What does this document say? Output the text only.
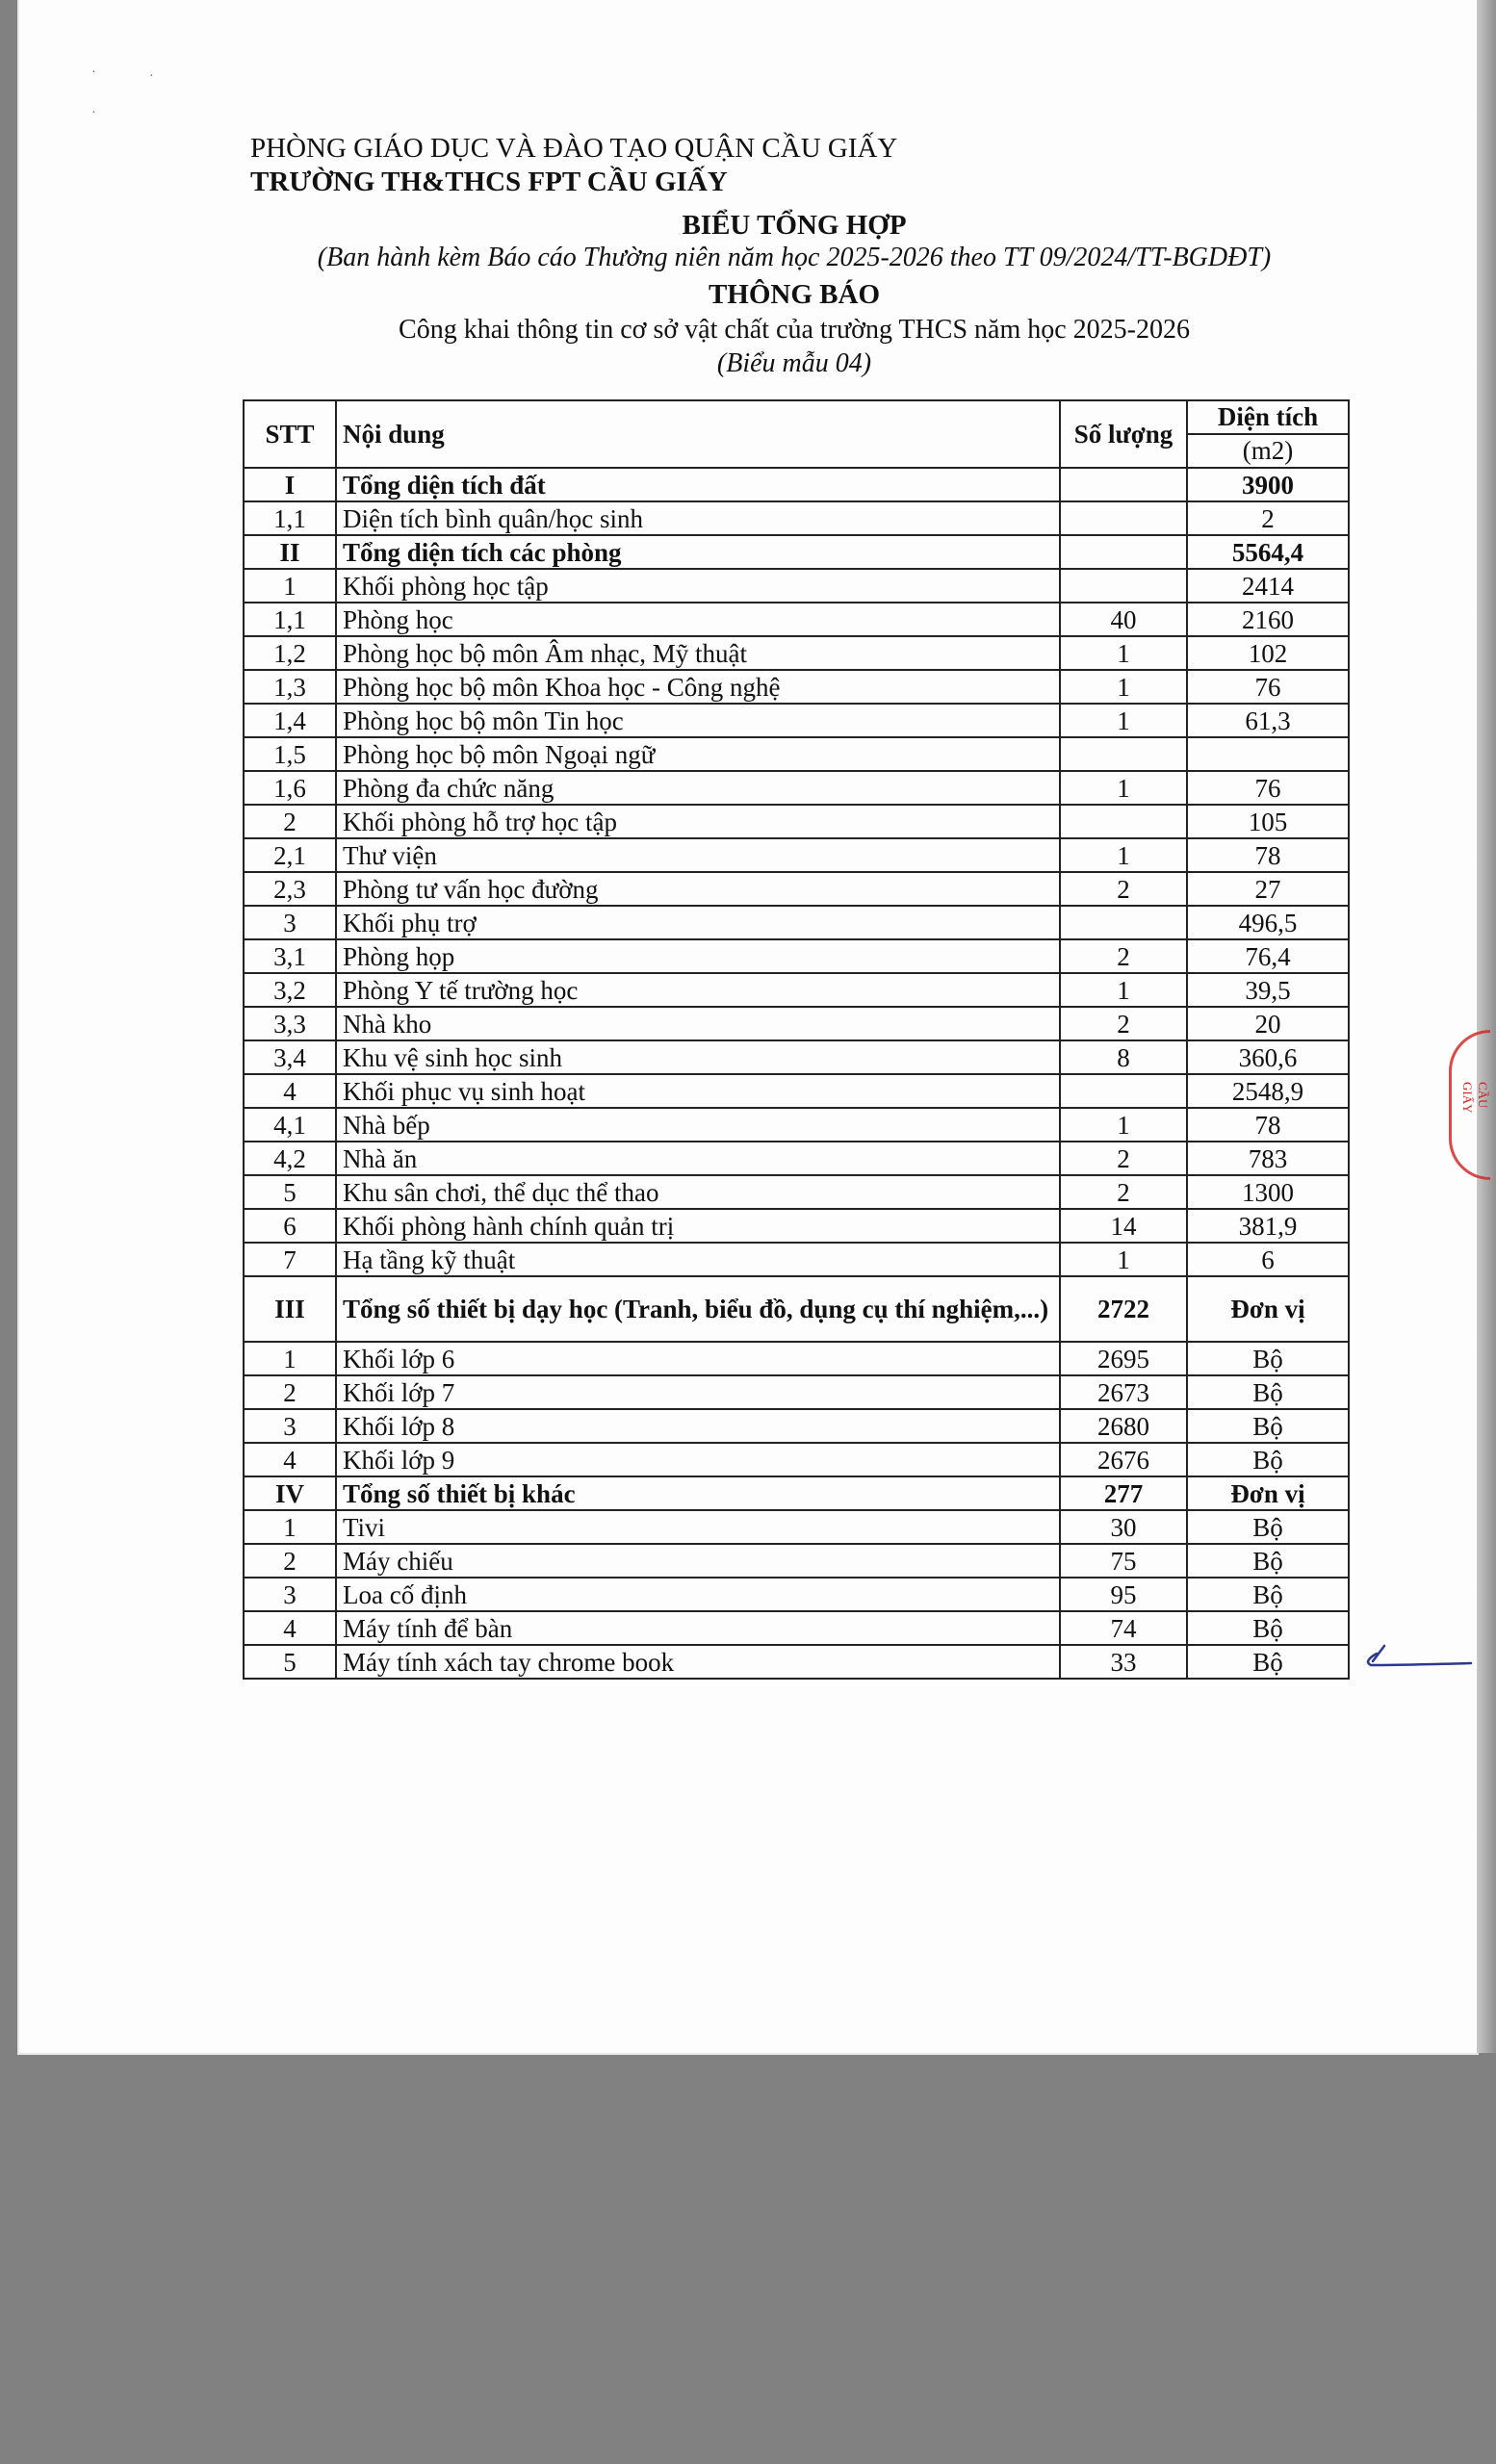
·	·
·
PHÒNG GIÁO DỤC VÀ ĐÀO TẠO QUẬN CẦU GIẤY
TRƯỜNG TH&THCS FPT CẦU GIẤY
BIỂU TỔNG HỢP
(Ban hành kèm Báo cáo Thường niên năm học 2025-2026 theo TT 09/2024/TT-BGDĐT)
THÔNG BÁO
Công khai thông tin cơ sở vật chất của trường THCS năm học 2025-2026
(Biểu mẫu 04)
STT	Nội dung	Số lượng	Diện tích
(m2)

I	Tổng diện tích đất		3900
1,1	Diện tích bình quân/học sinh		2
II	Tổng diện tích các phòng		5564,4
1	Khối phòng học tập		2414
1,1	Phòng học	40	2160
1,2	Phòng học bộ môn Âm nhạc, Mỹ thuật	1	102
1,3	Phòng học bộ môn Khoa học - Công nghệ	1	76
1,4	Phòng học bộ môn Tin học	1	61,3
1,5	Phòng học bộ môn Ngoại ngữ		
1,6	Phòng đa chức năng	1	76
2	Khối phòng hỗ trợ học tập		105
2,1	Thư viện	1	78
2,3	Phòng tư vấn học đường	2	27
3	Khối phụ trợ		496,5
3,1	Phòng họp	2	76,4
3,2	Phòng Y tế trường học	1	39,5
3,3	Nhà kho	2	20
3,4	Khu vệ sinh học sinh	8	360,6
4	Khối phục vụ sinh hoạt		2548,9
4,1	Nhà bếp	1	78
4,2	Nhà ăn	2	783
5	Khu sân chơi, thể dục thể thao	2	1300
6	Khối phòng hành chính quản trị	14	381,9
7	Hạ tầng kỹ thuật	1	6
III	Tổng số thiết bị dạy học (Tranh, biểu đồ, dụng cụ thí nghiệm,...)	2722	Đơn vị
1	Khối lớp 6	2695	Bộ
2	Khối lớp 7	2673	Bộ
3	Khối lớp 8	2680	Bộ
4	Khối lớp 9	2676	Bộ
IV	Tổng số thiết bị khác	277	Đơn vị
1	Tivi	30	Bộ
2	Máy chiếu	75	Bộ
3	Loa cố định	95	Bộ
4	Máy tính để bàn	74	Bộ
5	Máy tính xách tay chrome book	33	Bộ
CẦU GIẤY
